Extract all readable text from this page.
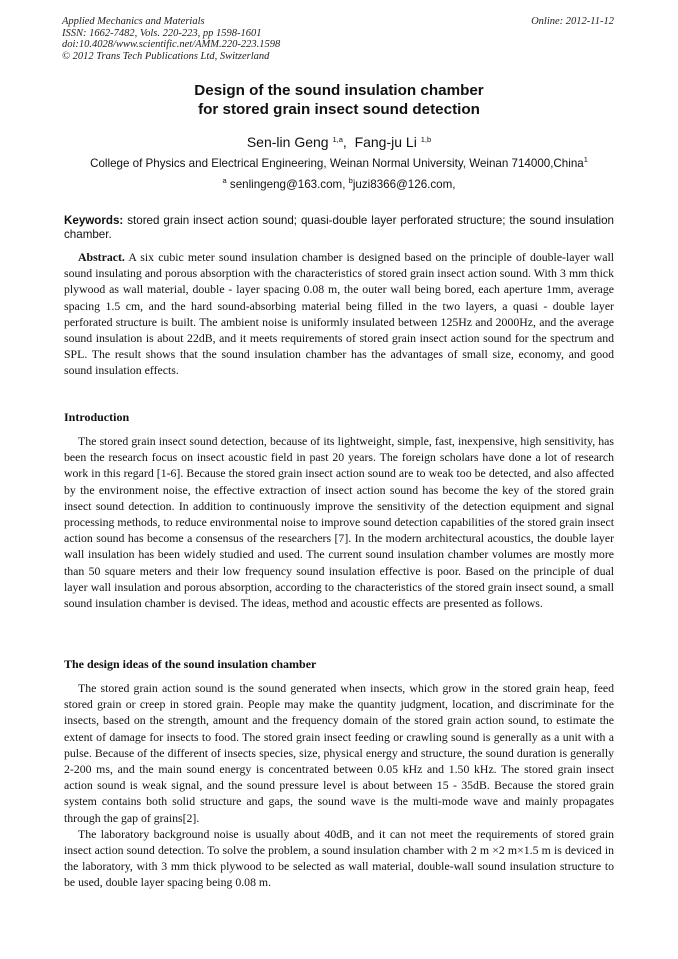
Applied Mechanics and Materials
ISSN: 1662-7482, Vols. 220-223, pp 1598-1601
doi:10.4028/www.scientific.net/AMM.220-223.1598
© 2012 Trans Tech Publications Ltd, Switzerland
Online: 2012-11-12
Design of the sound insulation chamber
for stored grain insect sound detection
Sen-lin Geng $^{1,a}$, Fang-ju Li $^{1,b}$
College of Physics and Electrical Engineering, Weinan Normal University, Weinan 714000,China$^1$
$^a$ senlingeng@163.com, $^b$juzi8366@126.com,
Keywords: stored grain insect action sound; quasi-double layer perforated structure; the sound insulation chamber.

Abstract. A six cubic meter sound insulation chamber is designed based on the principle of double-layer wall sound insulating and porous absorption with the characteristics of stored grain insect action sound. With 3 mm thick plywood as wall material, double - layer spacing 0.08 m, the outer wall being bored, each aperture 1mm, average spacing 1.5 cm, and the hard sound-absorbing material being filled in the two layers, a quasi - double layer perforated structure is built. The ambient noise is uniformly insulated between 125Hz and 2000Hz, and the average sound insulation is about 22dB, and it meets requirements of stored grain insect action sound for the spectrum and SPL. The result shows that the sound insulation chamber has the advantages of small size, economy, and good sound insulation effects.

Introduction

The stored grain insect sound detection, because of its lightweight, simple, fast, inexpensive, high sensitivity, has been the research focus on insect acoustic field in past 20 years. The foreign scholars have done a lot of research work in this regard [1-6]. Because the stored grain insect action sound are to weak too be detected, and also affected by the environment noise, the effective extraction of insect action sound has become the key of the stored grain insect sound detection. In addition to continuously improve the sensitivity of the detection equipment and signal processing methods, to reduce environmental noise to improve sound detection capabilities of the stored grain insect action sound has become a consensus of the researchers [7]. In the modern architectural acoustics, the double layer wall insulation has been widely studied and used. The current sound insulation chamber volumes are mostly more than 50 square meters and their low frequency sound insulation effective is poor. Based on the principle of dual layer wall insulation and porous absorption, according to the characteristics of the stored grain insect sound, a small sound insulation chamber is devised. The ideas, method and acoustic effects are presented as follows.

The design ideas of the sound insulation chamber

The stored grain action sound is the sound generated when insects, which grow in the stored grain heap, feed stored grain or creep in stored grain. People may make the quantity judgment, location, and discriminate for the insects, based on the strength, amount and the frequency domain of the stored grain action sound, to estimate the extent of damage for insects to food. The stored grain insect feeding or crawling sound is generally as a unit with a pulse. Because of the different of insects species, size, physical energy and structure, the sound duration is generally 2-200 ms, and the main sound energy is concentrated between 0.05 kHz and 1.50 kHz. The stored grain insect action sound is weak signal, and the sound pressure level is about between 15 - 35dB. Because the stored grain system contains both solid structure and gaps, the sound wave is the multi-mode wave and mainly propagates through the gap of grains[2].

The laboratory background noise is usually about 40dB, and it can not meet the requirements of stored grain insect action sound detection. To solve the problem, a sound insulation chamber with 2 m ×2 m×1.5 m is deviced in the laboratory, with 3 mm thick plywood to be selected as wall material, double-wall sound insulation structure to be used, double layer spacing being 0.08 m.
